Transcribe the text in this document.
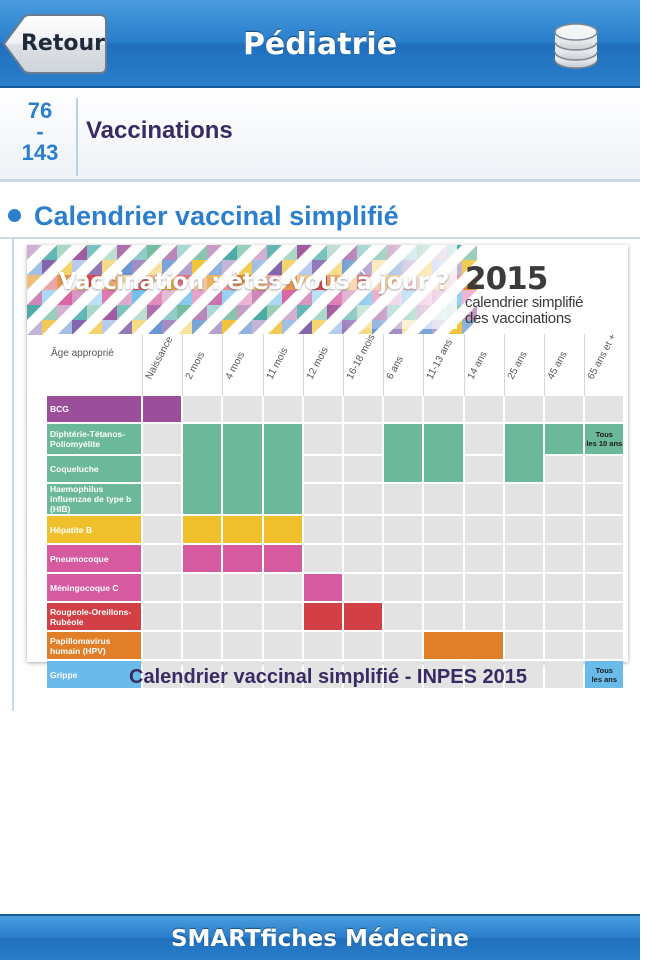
Retour	Pédiatrie
76
-
143
Vaccinations
Calendrier vaccinal simplifié
Vaccination : êtes-vous à jour ? 2015
calendrier simplifié
des vaccinations
Âge approprié	Naissance 2 mois 4 mois 11 mois 12 mois 16-18 mois 6 ans 11-13 ans 14 ans 25 ans 45 ans 65 ans et +
BCG
Diphtérie-Tétanos-
Poliomyélite
Coqueluche
Haemophilus
influenzae de type b (HIB)
Hépatite B
Pneumocoque
Méningocoque C
Rougeole-Oreillons-
Rubéole
Papillomavirus
humain (HPV)
Grippe
Tous
les 10 ans
Tous
les ans
Calendrier vaccinal simplifié - INPES 2015
SMARTfiches Médecine
